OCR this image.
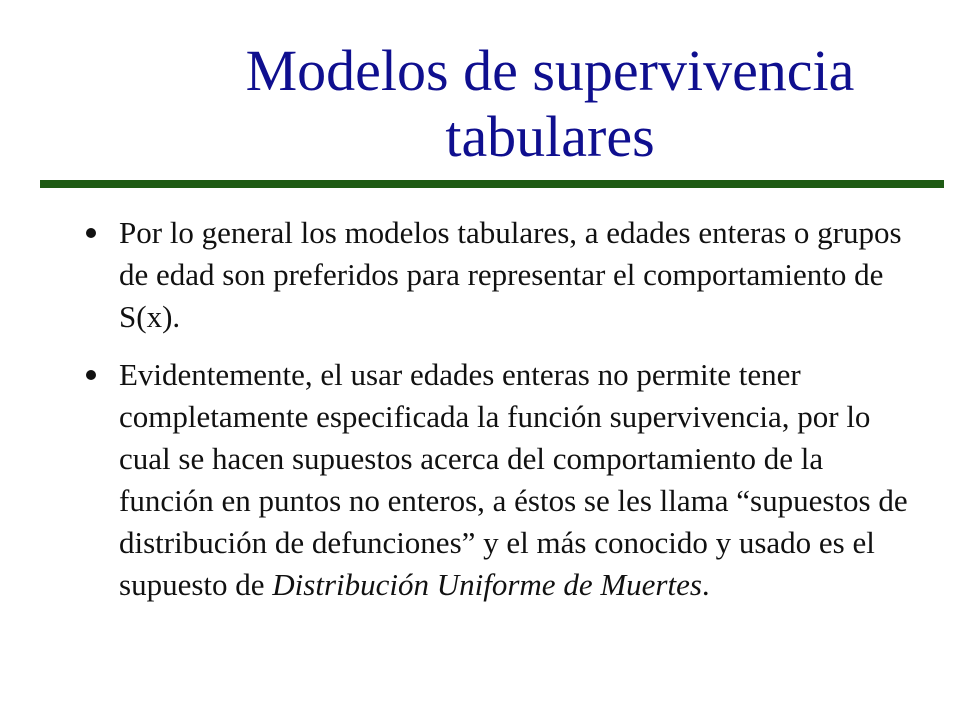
Modelos de supervivencia
tabulares
Por lo general los modelos tabulares, a edades enteras o grupos de edad son preferidos para representar el comportamiento de S(x).
Evidentemente, el usar edades enteras no permite tener completamente especificada la función supervivencia, por lo cual se hacen supuestos acerca del comportamiento de la función en puntos no enteros, a éstos se les llama “supuestos de distribución de defunciones” y el más conocido y usado es el supuesto de Distribución Uniforme de Muertes.
